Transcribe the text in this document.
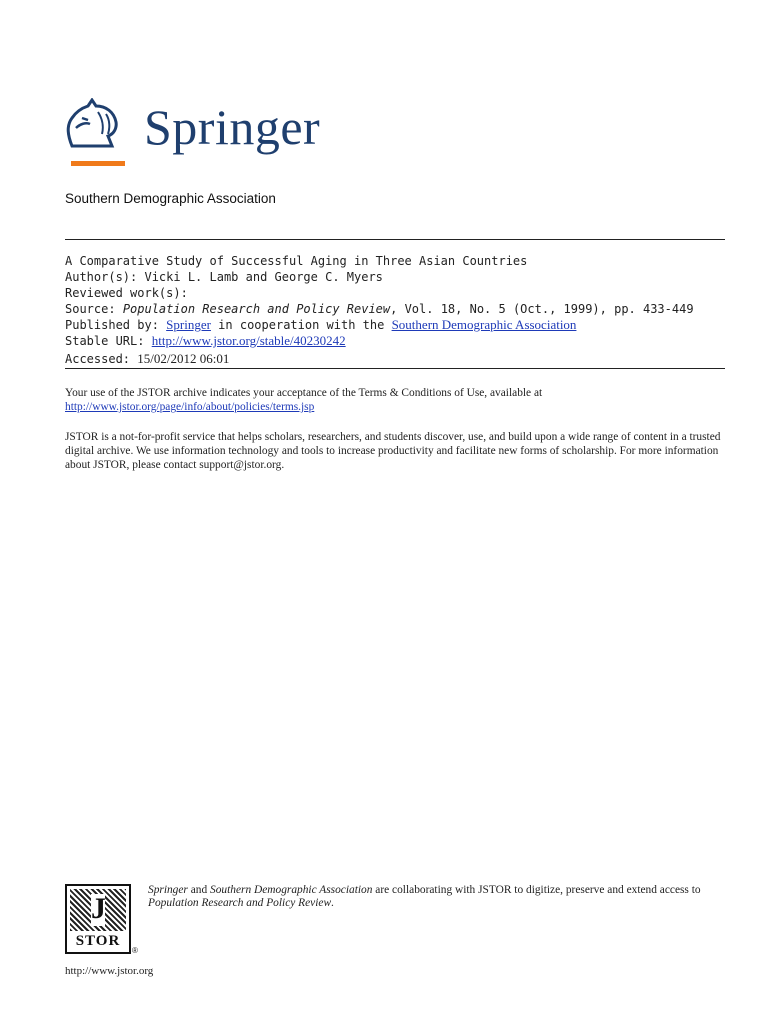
Springer
Southern Demographic Association
A Comparative Study of Successful Aging in Three Asian Countries
Author(s): Vicki L. Lamb and George C. Myers
Reviewed work(s):
Source: Population Research and Policy Review, Vol. 18, No. 5 (Oct., 1999), pp. 433-449
Published by: Springer in cooperation with the Southern Demographic Association
Stable URL: http://www.jstor.org/stable/40230242
Accessed: 15/02/2012 06:01
Your use of the JSTOR archive indicates your acceptance of the Terms & Conditions of Use, available at
http://www.jstor.org/page/info/about/policies/terms.jsp
JSTOR is a not-for-profit service that helps scholars, researchers, and students discover, use, and build upon a wide range of content in a trusted digital archive. We use information technology and tools to increase productivity and facilitate new forms of scholarship. For more information about JSTOR, please contact support@jstor.org.
J
STOR
®
Springer and Southern Demographic Association are collaborating with JSTOR to digitize, preserve and extend access to Population Research and Policy Review.
http://www.jstor.org
